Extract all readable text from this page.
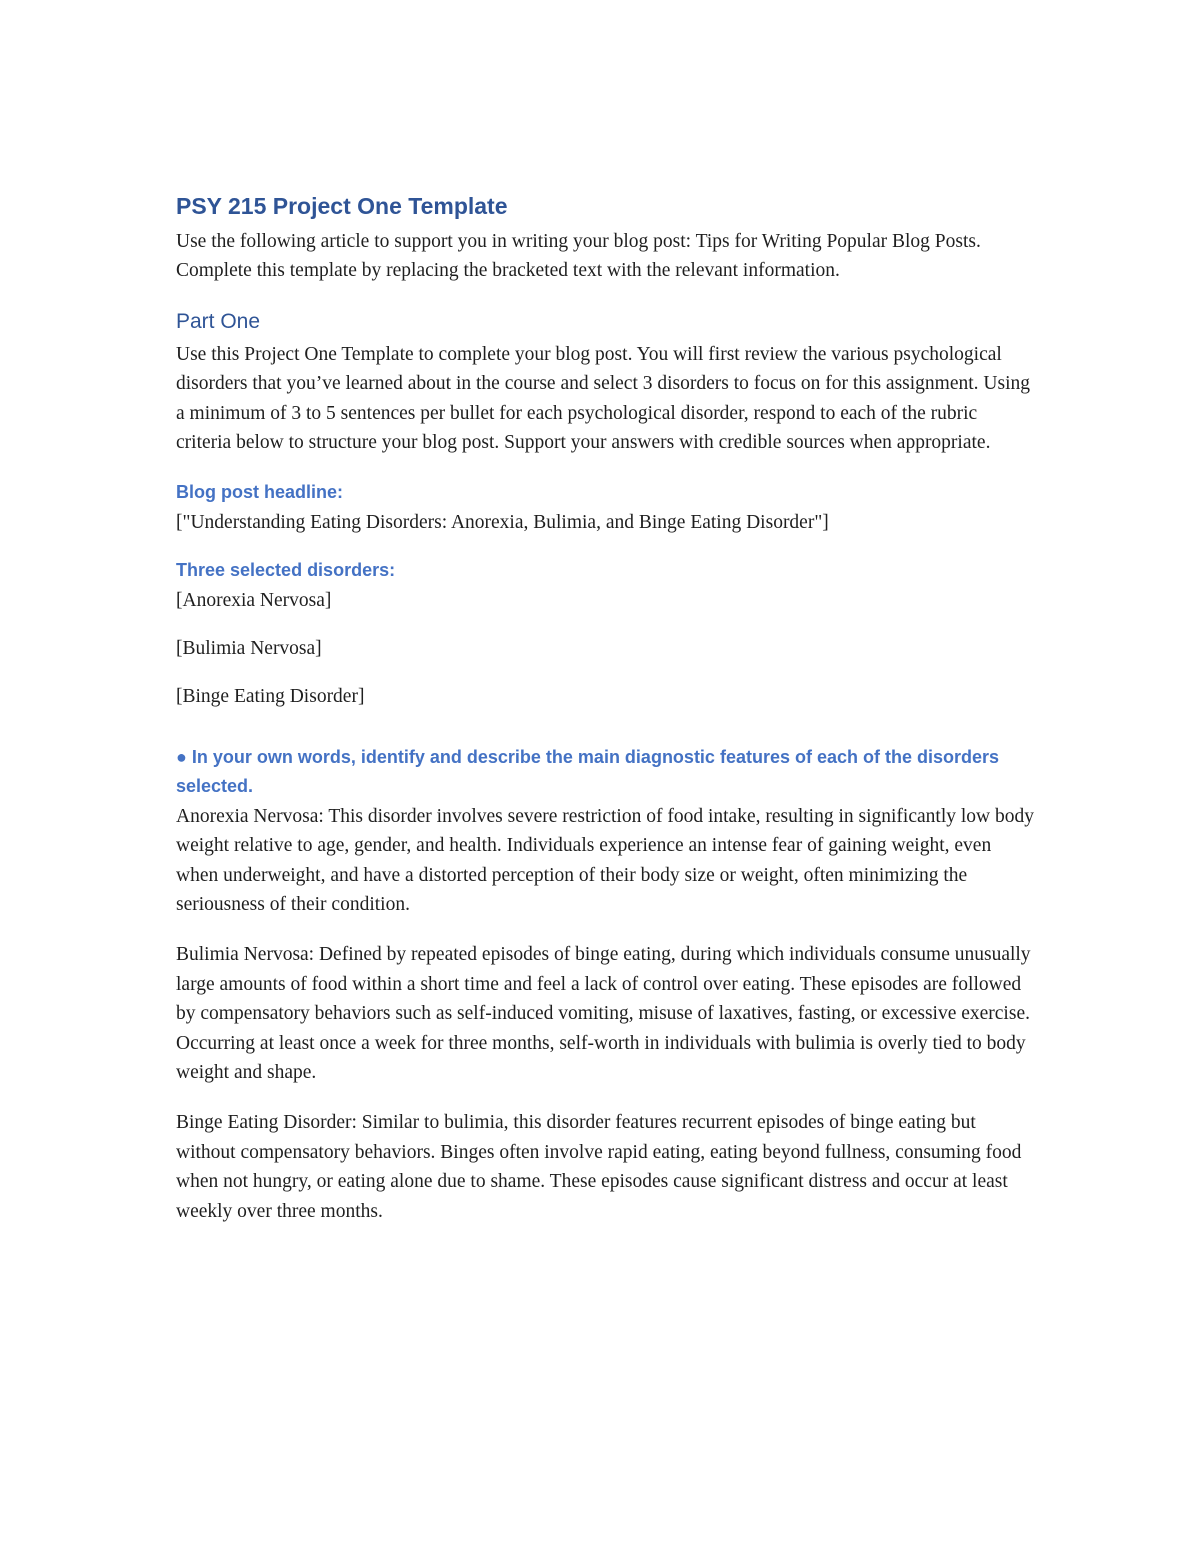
PSY 215 Project One Template

Use the following article to support you in writing your blog post: Tips for Writing Popular Blog Posts. Complete this template by replacing the bracketed text with the relevant information.

Part One

Use this Project One Template to complete your blog post. You will first review the various psychological disorders that you’ve learned about in the course and select 3 disorders to focus on for this assignment. Using a minimum of 3 to 5 sentences per bullet for each psychological disorder, respond to each of the rubric criteria below to structure your blog post. Support your answers with credible sources when appropriate.

Blog post headline:

["Understanding Eating Disorders: Anorexia, Bulimia, and Binge Eating Disorder"]

Three selected disorders:

[Anorexia Nervosa]

[Bulimia Nervosa]

[Binge Eating Disorder]

● In your own words, identify and describe the main diagnostic features of each of the disorders selected.

Anorexia Nervosa: This disorder involves severe restriction of food intake, resulting in significantly low body weight relative to age, gender, and health. Individuals experience an intense fear of gaining weight, even when underweight, and have a distorted perception of their body size or weight, often minimizing the seriousness of their condition.

Bulimia Nervosa: Defined by repeated episodes of binge eating, during which individuals consume unusually large amounts of food within a short time and feel a lack of control over eating. These episodes are followed by compensatory behaviors such as self-induced vomiting, misuse of laxatives, fasting, or excessive exercise. Occurring at least once a week for three months, self-worth in individuals with bulimia is overly tied to body weight and shape.

Binge Eating Disorder: Similar to bulimia, this disorder features recurrent episodes of binge eating but without compensatory behaviors. Binges often involve rapid eating, eating beyond fullness, consuming food when not hungry, or eating alone due to shame. These episodes cause significant distress and occur at least weekly over three months.
